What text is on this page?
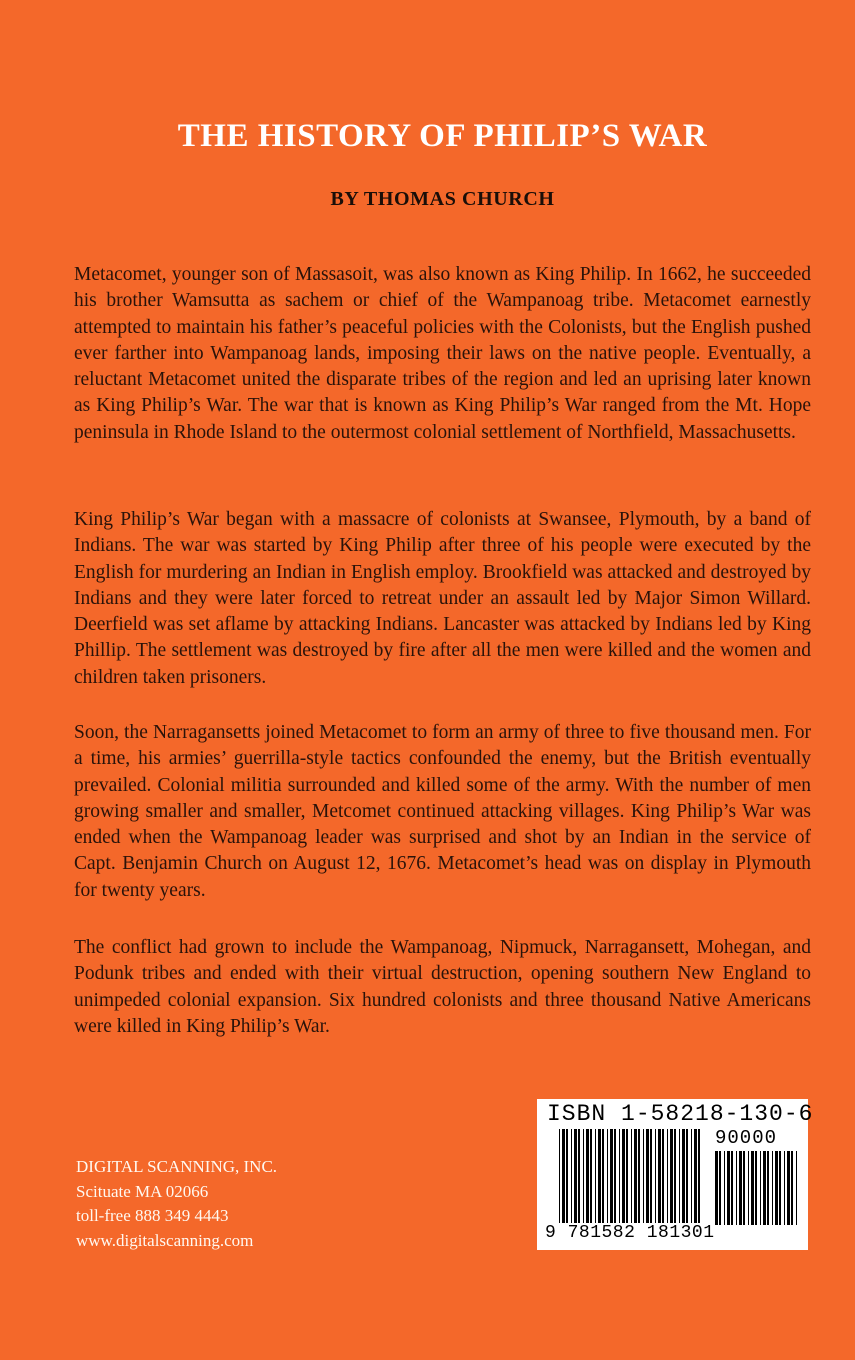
THE HISTORY OF PHILIP’S WAR
BY THOMAS CHURCH

Metacomet, younger son of Massasoit, was also known as King Philip. In 1662, he succeeded his brother Wamsutta as sachem or chief of the Wampanoag tribe. Metacomet earnestly attempted to maintain his father’s peaceful policies with the Colonists, but the English pushed ever farther into Wampanoag lands, imposing their laws on the native people. Eventually, a reluctant Metacomet united the disparate tribes of the region and led an uprising later known as King Philip’s War. The war that is known as King Philip’s War ranged from the Mt. Hope peninsula in Rhode Island to the outermost colonial settlement of Northfield, Massachusetts.

King Philip’s War began with a massacre of colonists at Swansee, Plymouth, by a band of Indians. The war was started by King Philip after three of his people were executed by the English for murdering an Indian in English employ. Brookfield was attacked and destroyed by Indians and they were later forced to retreat under an assault led by Major Simon Willard. Deerfield was set aflame by attacking Indians. Lancaster was attacked by Indians led by King Phillip. The settlement was destroyed by fire after all the men were killed and the women and children taken prisoners.

Soon, the Narragansetts joined Metacomet to form an army of three to five thousand men. For a time, his armies’ guerrilla-style tactics confounded the enemy, but the British eventually prevailed. Colonial militia surrounded and killed some of the army. With the number of men growing smaller and smaller, Metcomet continued attacking villages. King Philip’s War was ended when the Wampanoag leader was surprised and shot by an Indian in the service of Capt. Benjamin Church on August 12, 1676. Metacomet’s head was on display in Plymouth for twenty years.

The conflict had grown to include the Wampanoag, Nipmuck, Narragansett, Mohegan, and Podunk tribes and ended with their virtual destruction, opening southern New England to unimpeded colonial expansion. Six hundred colonists and three thousand Native Americans were killed in King Philip’s War.

DIGITAL SCANNING, INC.
Scituate MA 02066
toll-free 888 349 4443
www.digitalscanning.com
ISBN 1-58218-130-6
90000
9 781582 181301
